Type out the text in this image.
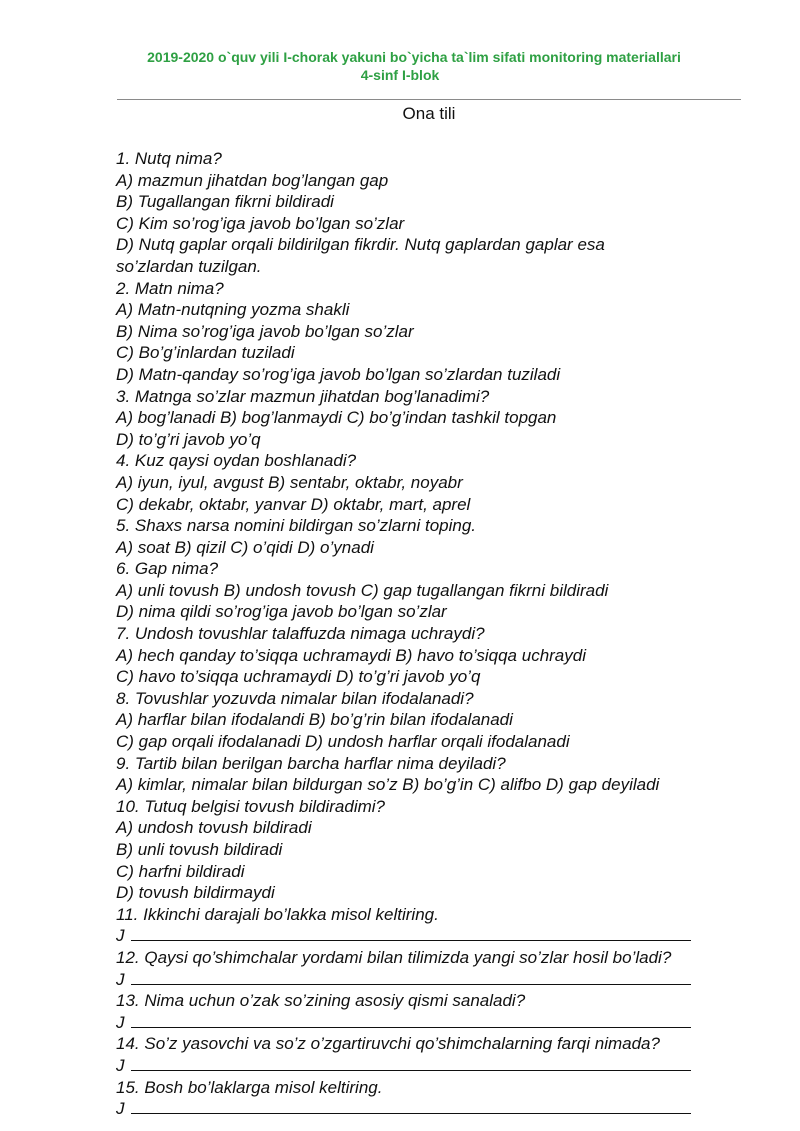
2019-2020 o`quv yili I-chorak yakuni bo`yicha ta`lim sifati monitoring materiallari
4-sinf I-blok
Ona tili
1. Nutq nima?
A) mazmun jihatdan bog’langan gap
B) Tugallangan fikrni bildiradi
C) Kim so’rog’iga javob bo’lgan so’zlar
D) Nutq gaplar orqali bildirilgan fikrdir. Nutq gaplardan gaplar esa so’zlardan tuzilgan.
2. Matn nima?
A) Matn-nutqning yozma shakli
B) Nima so’rog’iga javob bo’lgan so’zlar
C) Bo’g’inlardan tuziladi
D) Matn-qanday so’rog’iga javob bo’lgan so’zlardan tuziladi
3. Matnga so’zlar mazmun jihatdan bog’lanadimi?
A) bog’lanadi B) bog’lanmaydi C) bo’g’indan tashkil topgan
D) to’g’ri javob yo’q
4. Kuz qaysi oydan boshlanadi?
A) iyun, iyul, avgust B) sentabr, oktabr, noyabr
C) dekabr, oktabr, yanvar D) oktabr, mart, aprel
5. Shaxs narsa nomini bildirgan so’zlarni toping.
A) soat B) qizil C) o’qidi D) o’ynadi
6. Gap nima?
A) unli tovush B) undosh tovush C) gap tugallangan fikrni bildiradi
D) nima qildi so’rog’iga javob bo’lgan so’zlar
7. Undosh tovushlar talaffuzda nimaga uchraydi?
A) hech qanday to’siqqa uchramaydi B) havo to’siqqa uchraydi
C) havo to’siqqa uchramaydi D) to’g’ri javob yo’q
8. Tovushlar yozuvda nimalar bilan ifodalanadi?
A) harflar bilan ifodalandi B) bo’g’rin bilan ifodalanadi
C) gap orqali ifodalanadi D) undosh harflar orqali ifodalanadi
9. Tartib bilan berilgan barcha harflar nima deyiladi?
A) kimlar, nimalar bilan bildurgan so’z B) bo’g’in C) alifbo D) gap deyiladi
10. Tutuq belgisi tovush bildiradimi?
A) undosh tovush bildiradi
B) unli tovush bildiradi
C) harfni bildiradi
D) tovush bildirmaydi
11. Ikkinchi darajali bo’lakka misol keltiring.
J
12. Qaysi qo’shimchalar yordami bilan tilimizda yangi so’zlar hosil bo’ladi?
J
13. Nima uchun o’zak so’zining asosiy qismi sanaladi?
J
14. So’z yasovchi va so’z o’zgartiruvchi qo’shimchalarning farqi nimada?
J
15. Bosh bo’laklarga misol keltiring.
J
